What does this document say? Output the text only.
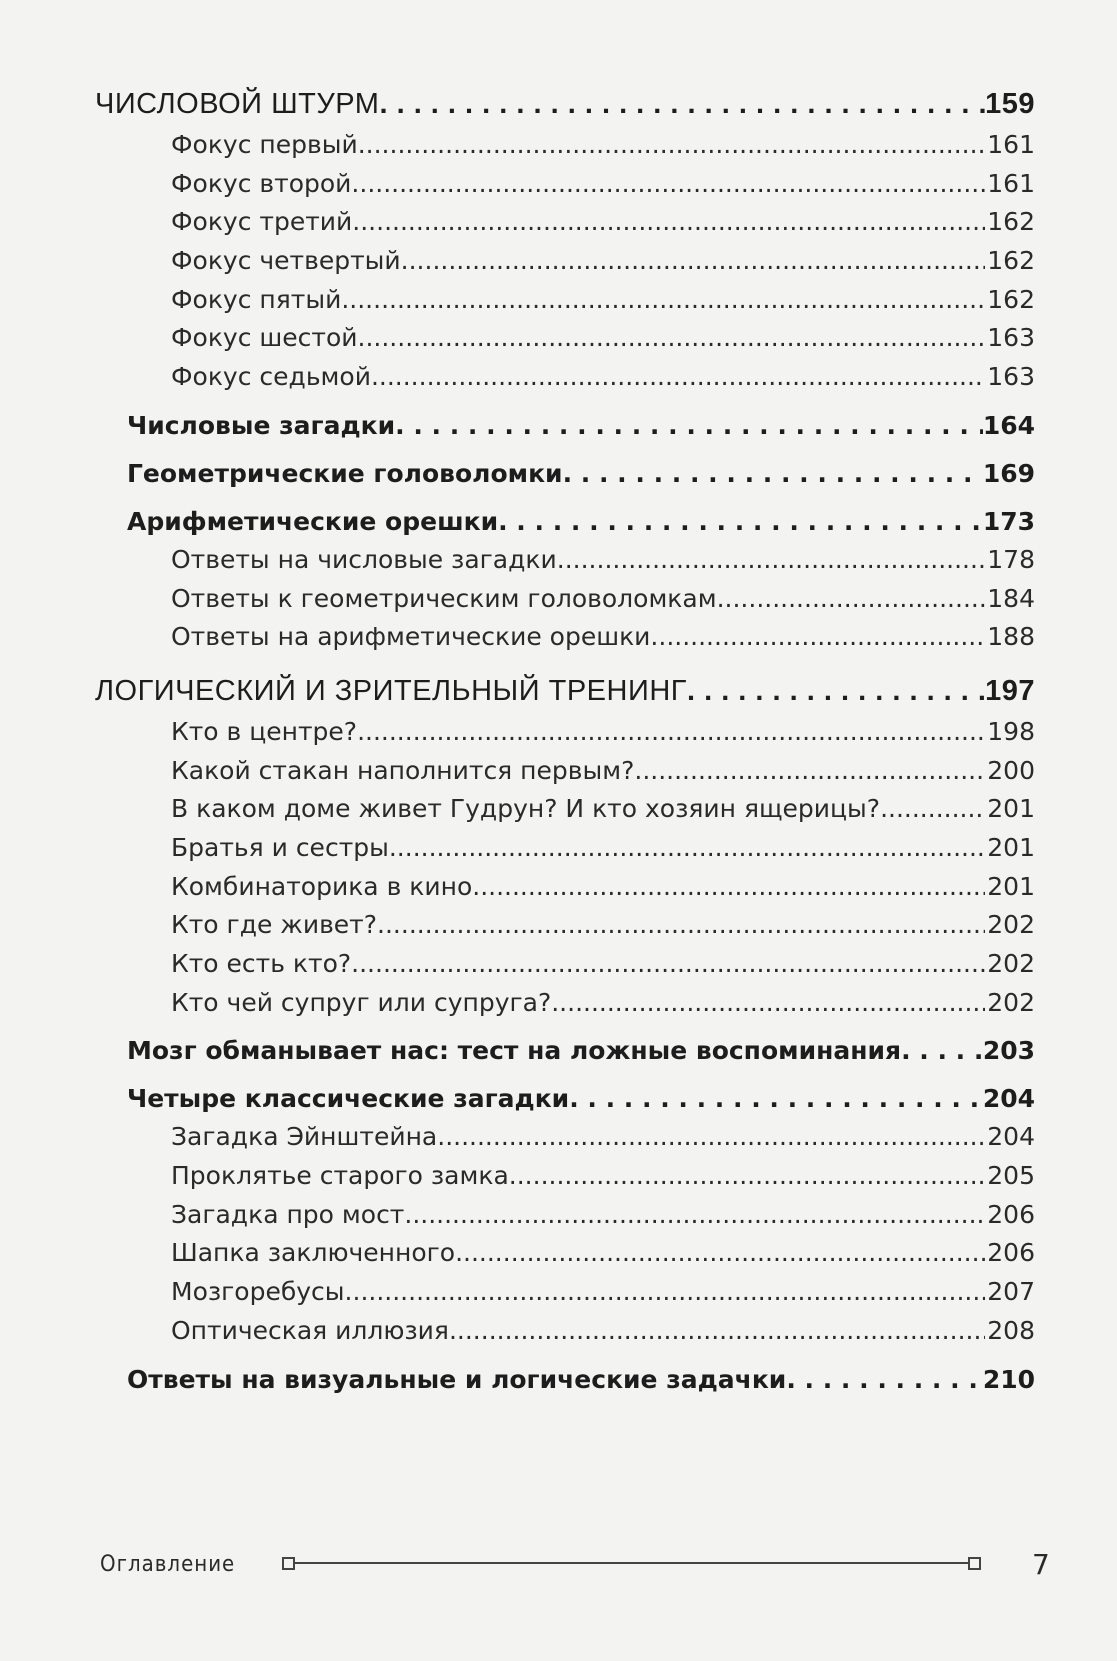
ЧИСЛОВОЙ ШТУРМ . . .	159
Фокус первый .....	161
Фокус второй .....	161
Фокус третий .....	162
Фокус четвертый .....	162
Фокус пятый .....	162
Фокус шестой .....	163
Фокус седьмой .....	163
Числовые загадки . . .	164
Геометрические головоломки . . .	169
Арифметические орешки . . .	173
Ответы на числовые загадки .....	178
Ответы к геометрическим головоломкам .....	184
Ответы на арифметические орешки .....	188
ЛОГИЧЕСКИЙ И ЗРИТЕЛЬНЫЙ ТРЕНИНГ . . .	197
Кто в центре? .....	198
Какой стакан наполнится первым? .....	200
В каком доме живет Гудрун? И кто хозяин ящерицы? .....	201
Братья и сестры .....	201
Комбинаторика в кино .....	201
Кто где живет? .....	202
Кто есть кто? .....	202
Кто чей супруг или супруга? .....	202
Мозг обманывает нас: тест на ложные воспоминания . . .	203
Четыре классические загадки . . .	204
Загадка Эйнштейна .....	204
Проклятье старого замка .....	205
Загадка про мост .....	206
Шапка заключенного .....	206
Мозгоребусы .....	207
Оптическая иллюзия .....	208
Ответы на визуальные и логические задачки . . .	210
Оглавление	7
